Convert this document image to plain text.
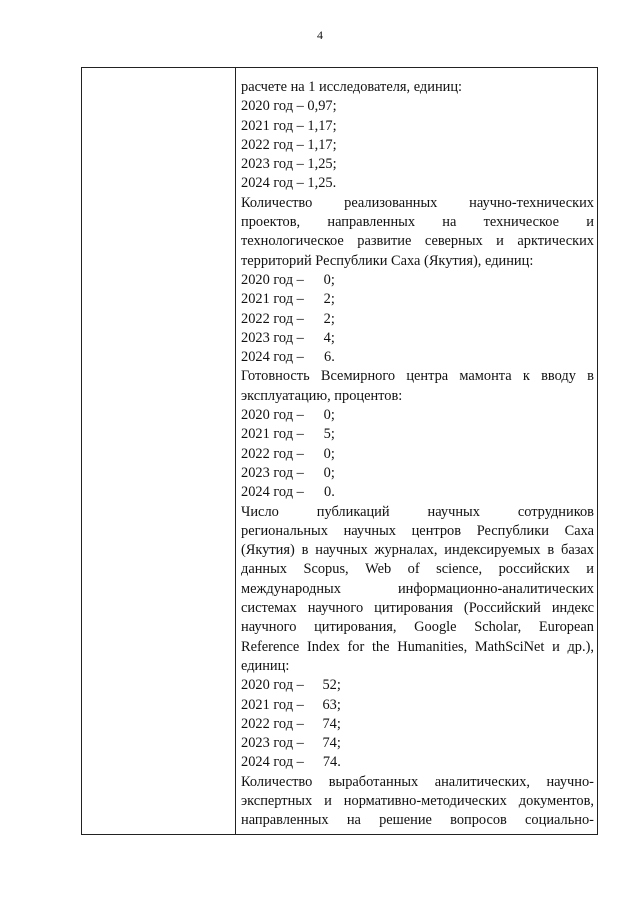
4

расчете на 1 исследователя, единиц:
2020 год – 0,97;
2021 год – 1,17;
2022 год – 1,17;
2023 год – 1,25;
2024 год – 1,25.
Количество реализованных научно-технических
проектов, направленных на техническое и
технологическое развитие северных и арктических
территорий Республики Саха (Якутия), единиц:
2020 год –	0;
2021 год –	2;
2022 год –	2;
2023 год –	4;
2024 год –	6.
Готовность Всемирного центра мамонта к вводу в
эксплуатацию, процентов:
2020 год –	0;
2021 год –	5;
2022 год –	0;
2023 год –	0;
2024 год –	0.
Число	публикаций	научных	сотрудников
региональных научных центров Республики Саха
(Якутия) в научных журналах, индексируемых в базах
данных Scopus, Web of science, российских и
международных	информационно-аналитических
системах научного цитирования (Российский индекс
научного цитирования, Google Scholar, European
Reference Index for the Humanities, MathSciNet и др.),
единиц:
2020 год –	52;
2021 год –	63;
2022 год –	74;
2023 год –	74;
2024 год –	74.
Количество выработанных аналитических, научно-
экспертных и нормативно-методических документов,
направленных на решение вопросов социально-
